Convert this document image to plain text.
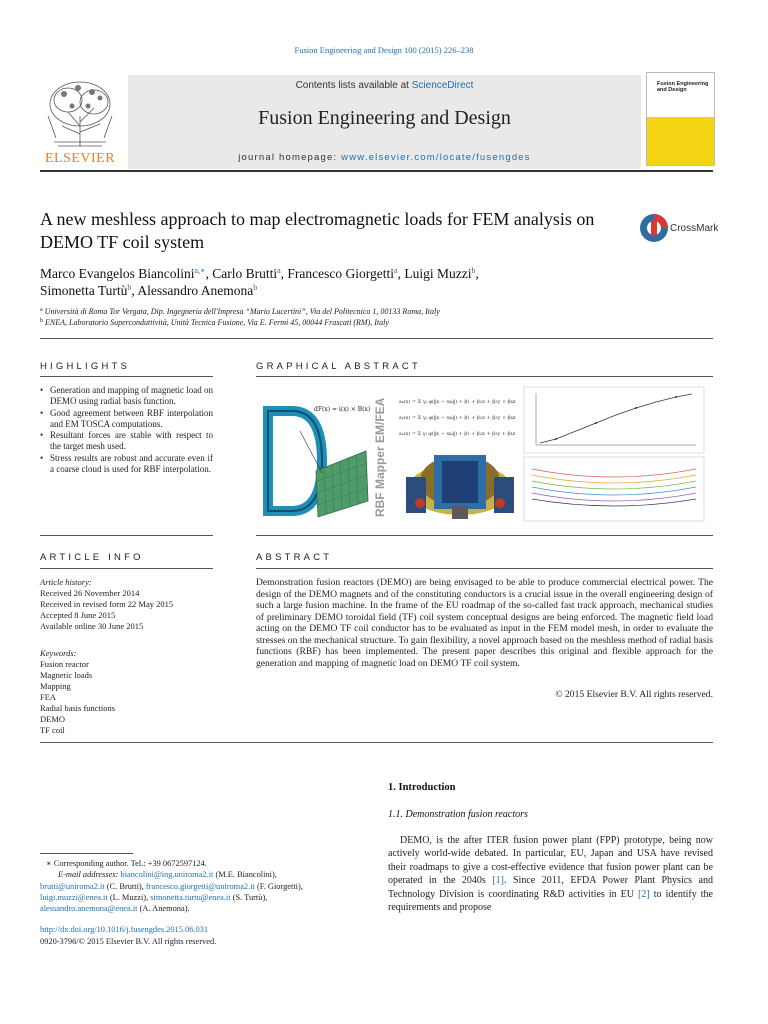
Fusion Engineering and Design 100 (2015) 226–238
Contents lists available at ScienceDirect
Fusion Engineering and Design
journal homepage: www.elsevier.com/locate/fusengdes
ELSEVIER
Fusion Engineering and Design
A new meshless approach to map electromagnetic loads for FEM analysis on DEMO TF coil system
CrossMark
Marco Evangelos Biancolini$^{a,∗}$, Carlo Brutti$^a$, Francesco Giorgetti$^a$, Luigi Muzzi$^b$,
Simonetta Turtù$^b$, Alessandro Anemona$^b$
$^a$ Università di Roma Tor Vergata, Dip. Ingegneria dell'Impresa “Mario Lucertini”, Via del Politecnico 1, 00133 Roma, Italy
$^b$ ENEA, Laboratorio Superconduttività, Unità Tecnica Fusione, Via E. Fermi 45, 00044 Frascati (RM), Italy
HIGHLIGHTS	GRAPHICAL ABSTRACT
• Generation and mapping of magnetic load on DEMO using radial basis function.
• Good agreement between RBF interpolation and EM TOSCA computations.
• Resultant forces are stable with respect to the target mesh used.
• Stress results are robust and accurate even if a coarse cloud is used for RBF interpolation.
dF(x) = i(x) × B(x) RBF Mapper EM/FEA sx(x) = Σ γi φ(‖x − xki‖) + β1 + β2x + β3y + β4z
sy(x) = Σ γi φ(‖x − xki‖) + β1 + β2x + β3y + β4z
sz(x) = Σ γi φ(‖x − xki‖) + β1 + β2x + β3y + β4z
ARTICLE INFO	ABSTRACT
Article history:
Received 26 November 2014
Received in revised form 22 May 2015
Accepted 8 June 2015
Available online 30 June 2015
Keywords:
Fusion reactor
Magnetic loads
Mapping
FEA
Radial basis functions
DEMO
TF coil
Demonstration fusion reactors (DEMO) are being envisaged to be able to produce commercial electrical power. The design of the DEMO magnets and of the constituting conductors is a crucial issue in the overall engineering design of such a large fusion machine. In the frame of the EU roadmap of the so-called fast track approach, mechanical studies of preliminary DEMO toroidal field (TF) coil system conceptual designs are being enforced. The magnetic field load acting on the DEMO TF coil conductor has to be evaluated as input in the FEM model mesh, in order to evaluate the stresses on the mechanical structure. To gain flexibility, a novel approach based on the meshless method of radial basis functions (RBF) has been implemented. The present paper describes this original and flexible approach for the generation and mapping of magnetic load on DEMO TF coil system.
© 2015 Elsevier B.V. All rights reserved.
1. Introduction
1.1. Demonstration fusion reactors
DEMO, is the after ITER fusion power plant (FPP) prototype, being now actively world-wide debated. In particular, EU, Japan and USA have revised their roadmaps to give a cost-effective evidence that fusion power plant can be operated in the 2040s [1]. Since 2011, EFDA Power Plant Physics and Technology Division is coordinating R&D activities in EU [2] to identify the requirements and propose
∗ Corresponding author. Tel.: +39 0672597124.
E-mail addresses: biancolini@ing.uniroma2.it (M.E. Biancolini),
brutti@uniroma2.it (C. Brutti), francesco.giorgetti@uniroma2.it (F. Giorgetti),
luigi.muzzi@enea.it (L. Muzzi), simonetta.turtu@enea.it (S. Turtù),
alessandro.anemona@enea.it (A. Anemona).
http://dx.doi.org/10.1016/j.fusengdes.2015.06.031
0920-3796/© 2015 Elsevier B.V. All rights reserved.
